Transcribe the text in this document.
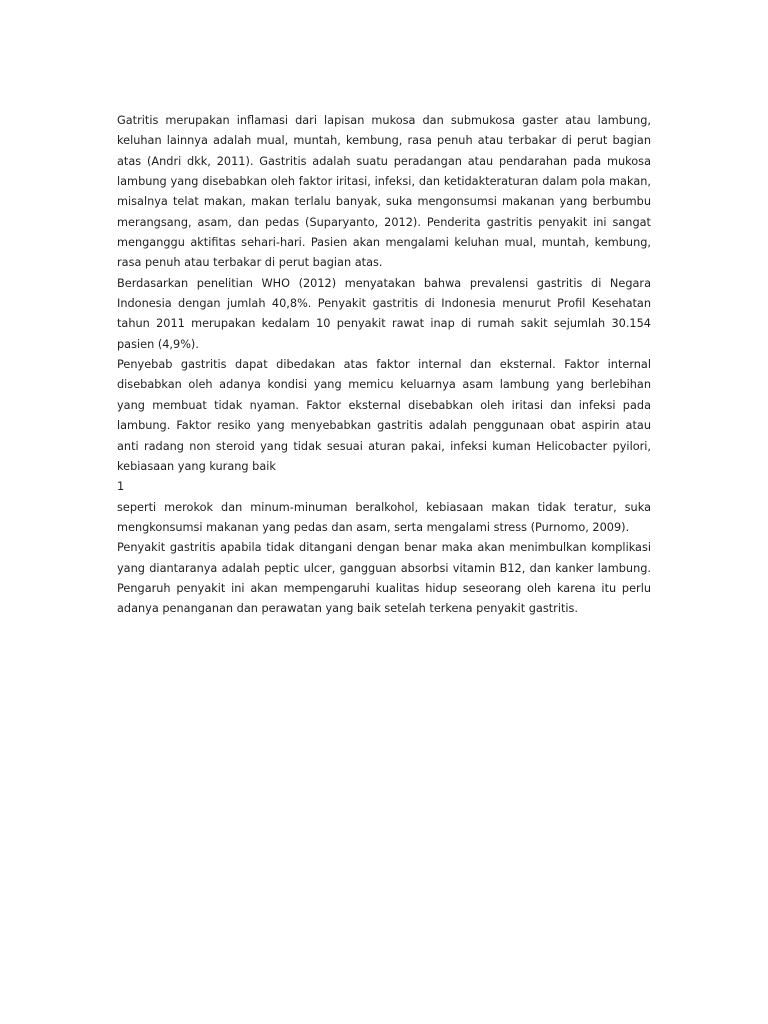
Gatritis merupakan inflamasi dari lapisan mukosa dan submukosa gaster atau lambung, keluhan lainnya adalah mual, muntah, kembung, rasa penuh atau terbakar di perut bagian atas (Andri dkk, 2011). Gastritis adalah suatu peradangan atau pendarahan pada mukosa lambung yang disebabkan oleh faktor iritasi, infeksi, dan ketidakteraturan dalam pola makan, misalnya telat makan, makan terlalu banyak, suka mengonsumsi makanan yang berbumbu merangsang, asam, dan pedas (Suparyanto, 2012). Penderita gastritis penyakit ini sangat menganggu aktifitas sehari-hari. Pasien akan mengalami keluhan mual, muntah, kembung, rasa penuh atau terbakar di perut bagian atas.

Berdasarkan penelitian WHO (2012) menyatakan bahwa prevalensi gastritis di Negara Indonesia dengan jumlah 40,8%. Penyakit gastritis di Indonesia menurut Profil Kesehatan tahun 2011 merupakan kedalam 10 penyakit rawat inap di rumah sakit sejumlah 30.154 pasien (4,9%).

Penyebab gastritis dapat dibedakan atas faktor internal dan eksternal. Faktor internal disebabkan oleh adanya kondisi yang memicu keluarnya asam lambung yang berlebihan yang membuat tidak nyaman. Faktor eksternal disebabkan oleh iritasi dan infeksi pada lambung. Faktor resiko yang menyebabkan gastritis adalah penggunaan obat aspirin atau anti radang non steroid yang tidak sesuai aturan pakai, infeksi kuman Helicobacter pyilori, kebiasaan yang kurang baik

1

seperti merokok dan minum-minuman beralkohol, kebiasaan makan tidak teratur, suka mengkonsumsi makanan yang pedas dan asam, serta mengalami stress (Purnomo, 2009).

Penyakit gastritis apabila tidak ditangani dengan benar maka akan menimbulkan komplikasi yang diantaranya adalah peptic ulcer, gangguan absorbsi vitamin B12, dan kanker lambung. Pengaruh penyakit ini akan mempengaruhi kualitas hidup seseorang oleh karena itu perlu adanya penanganan dan perawatan yang baik setelah terkena penyakit gastritis.
